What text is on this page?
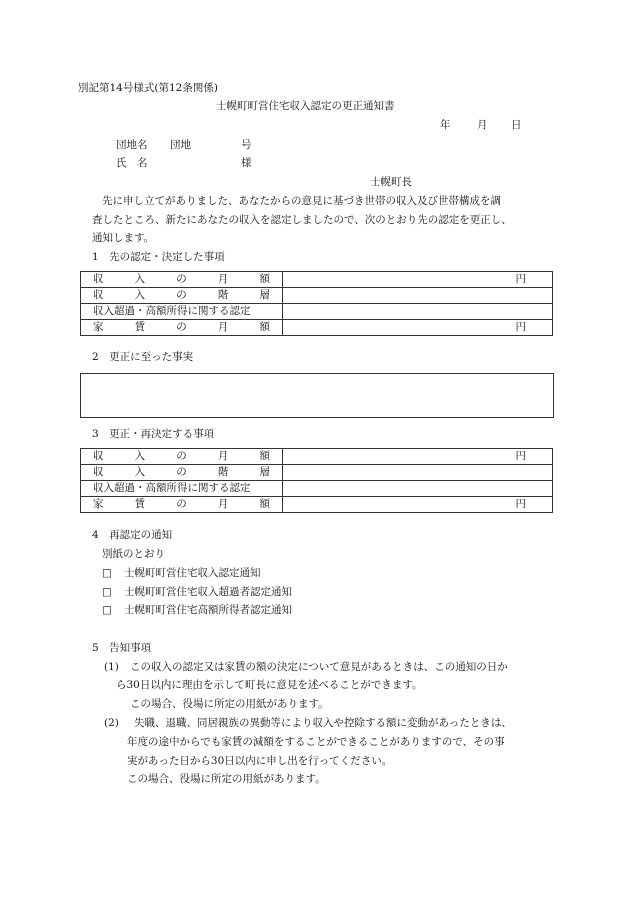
別記第14号様式(第12条関係)
士幌町町営住宅収入認定の更正通知書
年	月 日
団地名 団地	号
氏　名	様
士幌町長
先に申し立てがありました、あなたからの意見に基づき世帯の収入及び世帯構成を調
査したところ、新たにあなたの収入を認定しましたので、次のとおり先の認定を更正し、
通知します。
1　先の認定・決定した事項
収 入 の 月 額	円

収 入 の 階 層	

収入超過・高額所得に関する認定	

家 賃 の 月 額	円
2　更正に至った事実
3　更正・再決定する事項
収 入 の 月 額	円

収 入 の 階 層	

収入超過・高額所得に関する認定	

家 賃 の 月 額	円
4　再認定の通知
別紙のとおり
□ 士幌町町営住宅収入認定通知
□ 士幌町町営住宅収入超過者認定通知
□ 士幌町町営住宅高額所得者認定通知
5　告知事項
(1) この収入の認定又は家賃の額の決定について意見があるときは、この通知の日か
ら30日以内に理由を示して町長に意見を述べることができます。
この場合、役場に所定の用紙があります。
(2) 失職、退職、同居親族の異動等により収入や控除する額に変動があったときは、
年度の途中からでも家賃の減額をすることができることがありますので、その事
実があった日から30日以内に申し出を行ってください。
この場合、役場に所定の用紙があります。
